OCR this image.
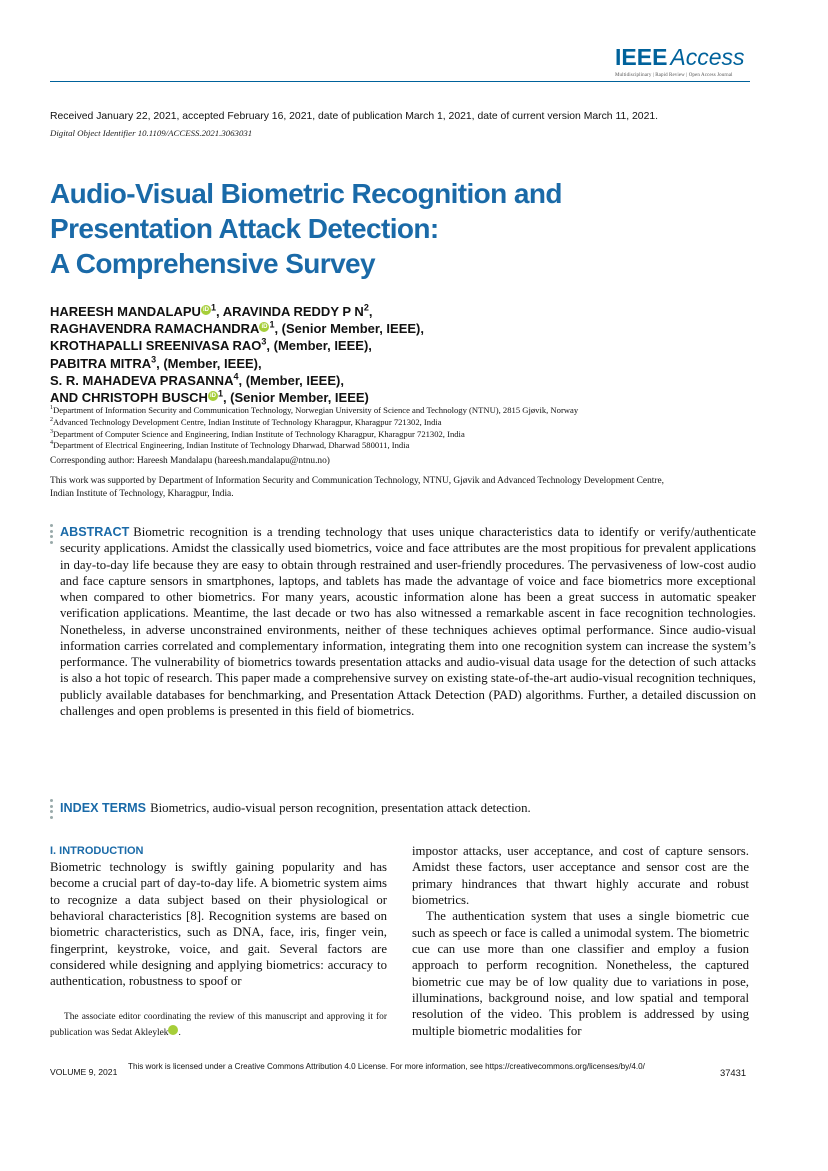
IEEE Access
Multidisciplinary | Rapid Review | Open Access Journal
Received January 22, 2021, accepted February 16, 2021, date of publication March 1, 2021, date of current version March 11, 2021.
Digital Object Identifier 10.1109/ACCESS.2021.3063031
Audio-Visual Biometric Recognition and
Presentation Attack Detection:
A Comprehensive Survey
HAREESH MANDALAPU iD $^1$, ARAVINDA REDDY P $N^2$,
RAGHAVENDRA RAMACHANDRA iD $^1$, (Senior Member, IEEE),
KROTHAPALLI SREENIVASA RAO$^3$, (Member, IEEE),
PABITRA MITRA$^3$, (Member, IEEE),
S. R. MAHADEVA PRASANNA$^4$, (Member, IEEE),
AND CHRISTOPH BUSCH iD $^1$, (Senior Member, IEEE)
$^1$Department of Information Security and Communication Technology, Norwegian University of Science and Technology (NTNU), 2815 Gjøvik, Norway
$^2$Advanced Technology Development Centre, Indian Institute of Technology Kharagpur, Kharagpur 721302, India
$^3$Department of Computer Science and Engineering, Indian Institute of Technology Kharagpur, Kharagpur 721302, India
$^4$Department of Electrical Engineering, Indian Institute of Technology Dharwad, Dharwad 580011, India
Corresponding author: Hareesh Mandalapu (hareesh.mandalapu@ntnu.no)
This work was supported by Department of Information Security and Communication Technology, NTNU, Gjøvik and Advanced Technology Development Centre, Indian Institute of Technology, Kharagpur, India.
ABSTRACT Biometric recognition is a trending technology that uses unique characteristics data to identify or verify/authenticate security applications. Amidst the classically used biometrics, voice and face attributes are the most propitious for prevalent applications in day-to-day life because they are easy to obtain through restrained and user-friendly procedures. The pervasiveness of low-cost audio and face capture sensors in smartphones, laptops, and tablets has made the advantage of voice and face biometrics more exceptional when compared to other biometrics. For many years, acoustic information alone has been a great success in automatic speaker verification applications. Meantime, the last decade or two has also witnessed a remarkable ascent in face recognition technologies. Nonetheless, in adverse unconstrained environments, neither of these techniques achieves optimal performance. Since audio-visual information carries correlated and complementary information, integrating them into one recognition system can increase the system’s performance. The vulnerability of biometrics towards presentation attacks and audio-visual data usage for the detection of such attacks is also a hot topic of research. This paper made a comprehensive survey on existing state-of-the-art audio-visual recognition techniques, publicly available databases for benchmarking, and Presentation Attack Detection (PAD) algorithms. Further, a detailed discussion on challenges and open problems is presented in this field of biometrics.
INDEX TERMS Biometrics, audio-visual person recognition, presentation attack detection.
I. INTRODUCTION
Biometric technology is swiftly gaining popularity and has become a crucial part of day-to-day life. A biometric system aims to recognize a data subject based on their physiological or behavioral characteristics [8]. Recognition systems are based on biometric characteristics, such as DNA, face, iris, finger vein, fingerprint, keystroke, voice, and gait. Several factors are considered while designing and applying biometrics: accuracy to authentication, robustness to spoof or
The associate editor coordinating the review of this manuscript and approving it for publication was Sedat Akleylek iD.
impostor attacks, user acceptance, and cost of capture sensors. Amidst these factors, user acceptance and sensor cost are the primary hindrances that thwart highly accurate and robust biometrics.
The authentication system that uses a single biometric cue such as speech or face is called a unimodal system. The biometric cue can use more than one classifier and employ a fusion approach to perform recognition. Nonetheless, the captured biometric cue may be of low quality due to variations in pose, illuminations, background noise, and low spatial and temporal resolution of the video. This problem is addressed by using multiple biometric modalities for
VOLUME 9, 2021
This work is licensed under a Creative Commons Attribution 4.0 License. For more information, see https://creativecommons.org/licenses/by/4.0/
37431
